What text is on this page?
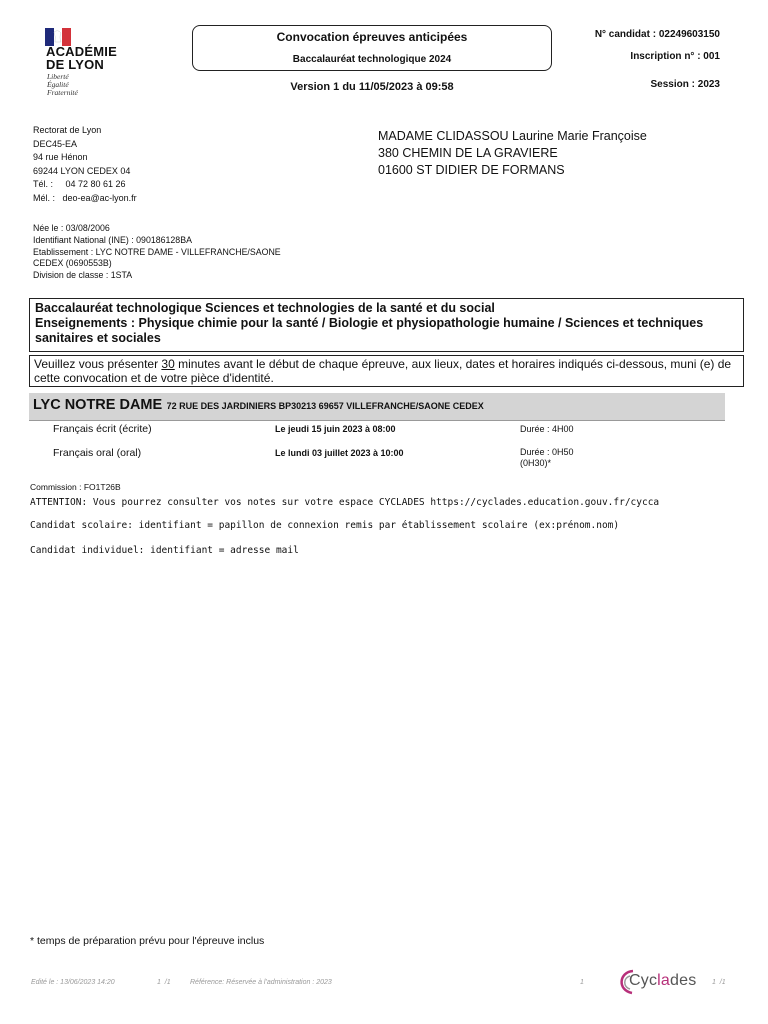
ACADÉMIE
DE LYON
Liberté
Égalité
Fraternité
Convocation épreuves anticipées
Baccalauréat technologique 2024
Version 1 du 11/05/2023 à 09:58
N° candidat : 02249603150
Inscription n° : 001
Session : 2023
Rectorat de Lyon
DEC45-EA
94 rue Hénon
69244 LYON CEDEX 04
Tél. :     04 72 80 61 26
Mél. :   deo-ea@ac-lyon.fr
MADAME CLIDASSOU Laurine Marie Françoise
380 CHEMIN DE LA GRAVIERE
01600 ST DIDIER DE FORMANS
Née le : 03/08/2006
Identifiant National (INE) : 090186128BA
Etablissement : LYC NOTRE DAME - VILLEFRANCHE/SAONE
CEDEX (0690553B)
Division de classe : 1STA
Baccalauréat technologique Sciences et technologies de la santé et du social
Enseignements : Physique chimie pour la santé / Biologie et physiopathologie humaine / Sciences et techniques sanitaires et sociales
Veuillez vous présenter 30 minutes avant le début de chaque épreuve, aux lieux, dates et horaires indiqués ci-dessous, muni (e) de cette convocation et de votre pièce d'identité.
LYC NOTRE DAME 72 RUE DES JARDINIERS BP30213 69657 VILLEFRANCHE/SAONE CEDEX
Français écrit (écrite)	Le jeudi 15 juin 2023 à 08:00	Durée : 4H00
Français oral (oral)	Le lundi 03 juillet 2023 à 10:00	Durée : 0H50
(0H30)*
Commission : FO1T26B
ATTENTION: Vous pourrez consulter vos notes sur votre espace CYCLADES https://cyclades.education.gouv.fr/cycca
Candidat scolaire: identifiant = papillon de connexion remis par établissement scolaire (ex:prénom.nom)
Candidat individuel: identifiant = adresse mail
* temps de préparation prévu pour l'épreuve inclus
Edité le : 13/06/2023 14:20	1  /1	Référence: Réservée à l'administration : 2023	1	Cyclades 1  /1
